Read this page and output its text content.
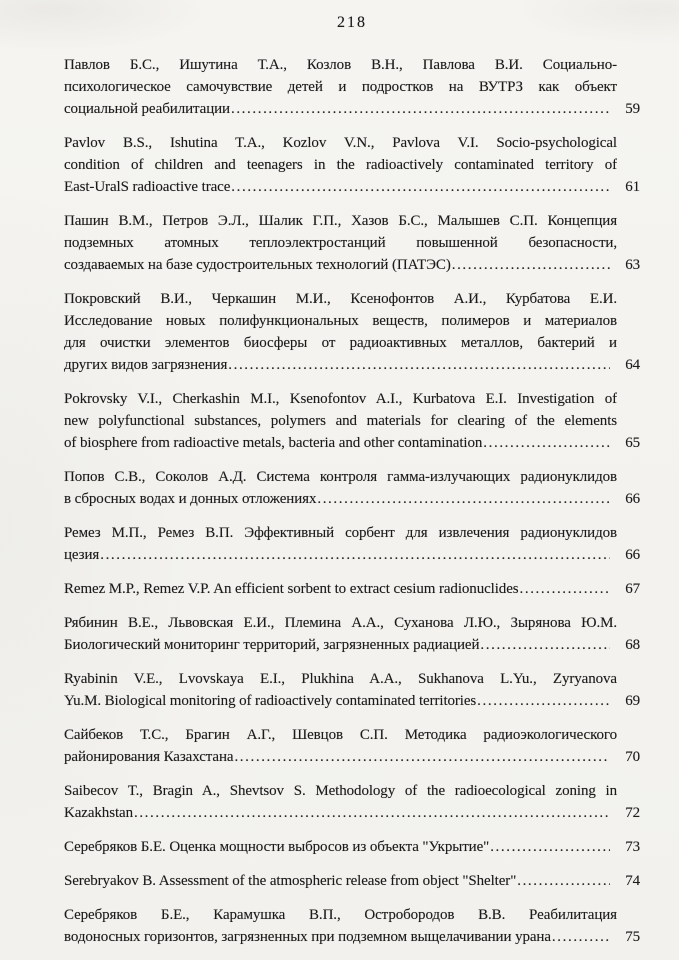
218
Павлов Б.С., Ишутина Т.А., Козлов В.Н., Павлова В.И. Социально-
психологическое самочувствие детей и подростков на ВУТРЗ как объект
социальной реабилитации .....	59
Pavlov B.S., Ishutina T.A., Kozlov V.N., Pavlova V.I. Socio-psychological
condition of children and teenagers in the radioactively contaminated territory of
East-UralS radioactive trace .....	61
Пашин В.М., Петров Э.Л., Шалик Г.П., Хазов Б.С., Малышев С.П. Концепция
подземных атомных теплоэлектростанций повышенной безопасности,
создаваемых на базе судостроительных технологий (ПАТЭС) .....	63
Покровский В.И., Черкашин М.И., Ксенофонтов А.И., Курбатова Е.И.
Исследование новых полифункциональных веществ, полимеров и материалов
для очистки элементов биосферы от радиоактивных металлов, бактерий и
других видов загрязнения .....	64
Pokrovsky V.I., Cherkashin M.I., Ksenofontov A.I., Kurbatova E.I. Investigation of
new polyfunctional substances, polymers and materials for clearing of the elements
of biosphere from radioactive metals, bacteria and other contamination .....	65
Попов С.В., Соколов А.Д. Система контроля гамма-излучающих радионуклидов
в сбросных водах и донных отложениях .....	66
Ремез М.П., Ремез В.П. Эффективный сорбент для извлечения радионуклидов
цезия .....	66
Remez M.P., Remez V.P. An efficient sorbent to extract cesium radionuclides .....	67
Рябинин В.Е., Львовская Е.И., Племина А.А., Суханова Л.Ю., Зырянова Ю.М.
Биологический мониторинг территорий, загрязненных радиацией .....	68
Ryabinin V.E., Lvovskaya E.I., Plukhina A.A., Sukhanova L.Yu., Zyryanova
Yu.M. Biological monitoring of radioactively contaminated territories .....	69
Сайбеков Т.С., Брагин А.Г., Шевцов С.П. Методика радиоэкологического
районирования Казахстана .....	70
Saibecov T., Bragin A., Shevtsov S. Methodology of the radioecological zoning in
Kazakhstan .....	72
Серебряков Б.Е. Оценка мощности выбросов из объекта "Укрытие" .....	73
Serebryakov B. Assessment of the atmospheric release from object "Shelter" .....	74
Серебряков Б.Е., Карамушка В.П., Остробородов В.В. Реабилитация
водоносных горизонтов, загрязненных при подземном выщелачивании урана .....	75
